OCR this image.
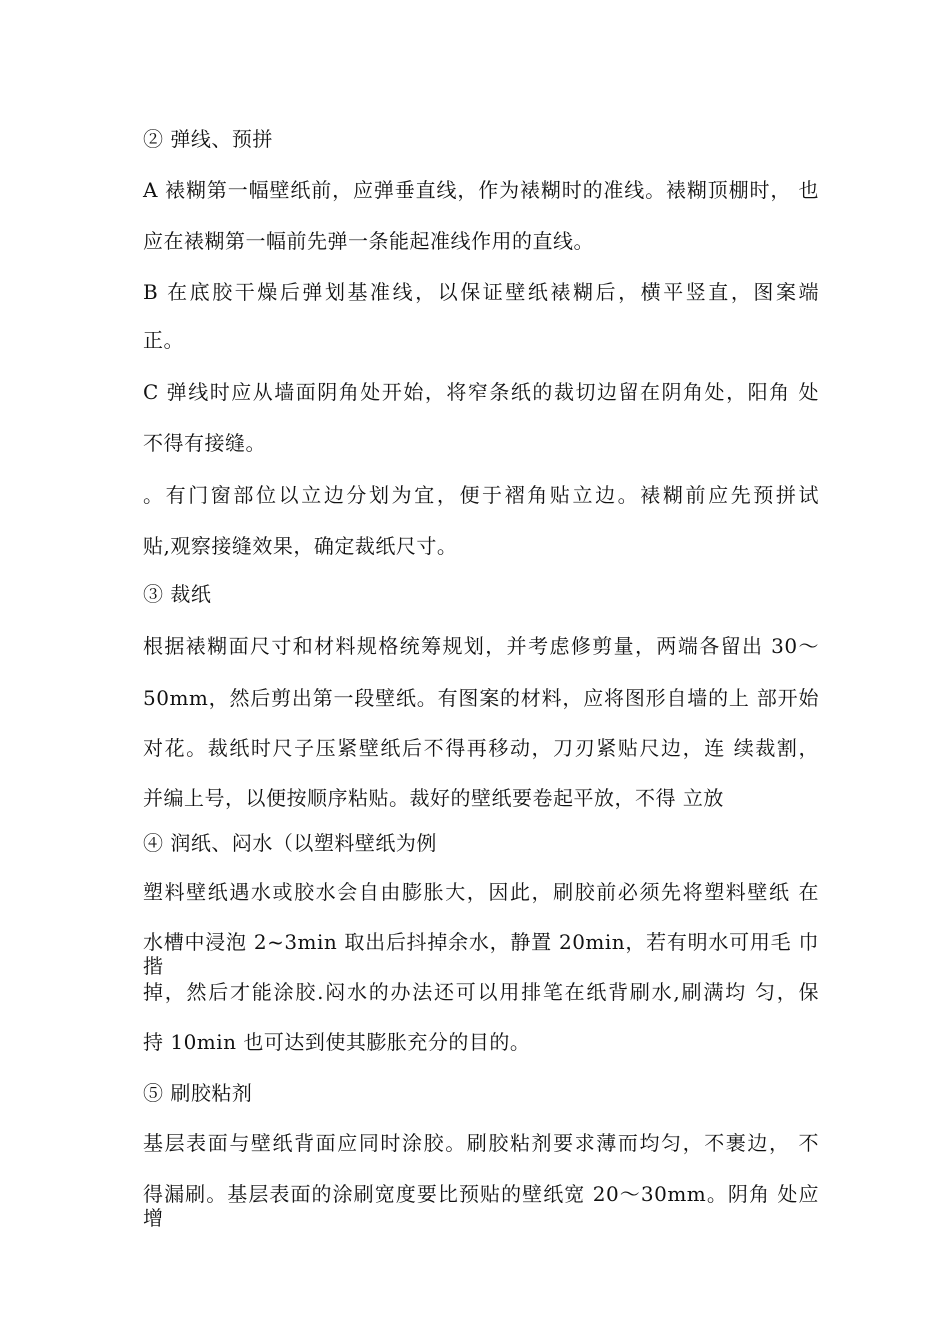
② 弹线、预拼
A 裱糊第一幅壁纸前，应弹垂直线，作为裱糊时的准线。裱糊顶棚时， 也
应在裱糊第一幅前先弹一条能起准线作用的直线。
B 在底胶干燥后弹划基准线，以保证壁纸裱糊后，横平竖直，图案端
正。
C 弹线时应从墙面阴角处开始，将窄条纸的裁切边留在阴角处，阳角 处
不得有接缝。
。有门窗部位以立边分划为宜，便于褶角贴立边。裱糊前应先预拼试
贴,观察接缝效果，确定裁纸尺寸。
③ 裁纸
根据裱糊面尺寸和材料规格统筹规划，并考虑修剪量，两端各留出 30〜
50mm，然后剪出第一段壁纸。有图案的材料，应将图形自墙的上 部开始
对花。裁纸时尺子压紧壁纸后不得再移动，刀刃紧贴尺边，连 续裁割，
并编上号，以便按顺序粘贴。裁好的壁纸要卷起平放，不得 立放
④ 润纸、闷水（以塑料壁纸为例
塑料壁纸遇水或胶水会自由膨胀大，因此，刷胶前必须先将塑料壁纸 在
水槽中浸泡 2~3min 取出后抖掉余水，静置 20min，若有明水可用毛 巾揩
掉，然后才能涂胶.闷水的办法还可以用排笔在纸背刷水,刷满均 匀，保
持 10min 也可达到使其膨胀充分的目的。
⑤ 刷胶粘剂
基层表面与壁纸背面应同时涂胶。刷胶粘剂要求薄而均匀，不裹边， 不
得漏刷。基层表面的涂刷宽度要比预贴的壁纸宽 20〜30mm。阴角 处应增
